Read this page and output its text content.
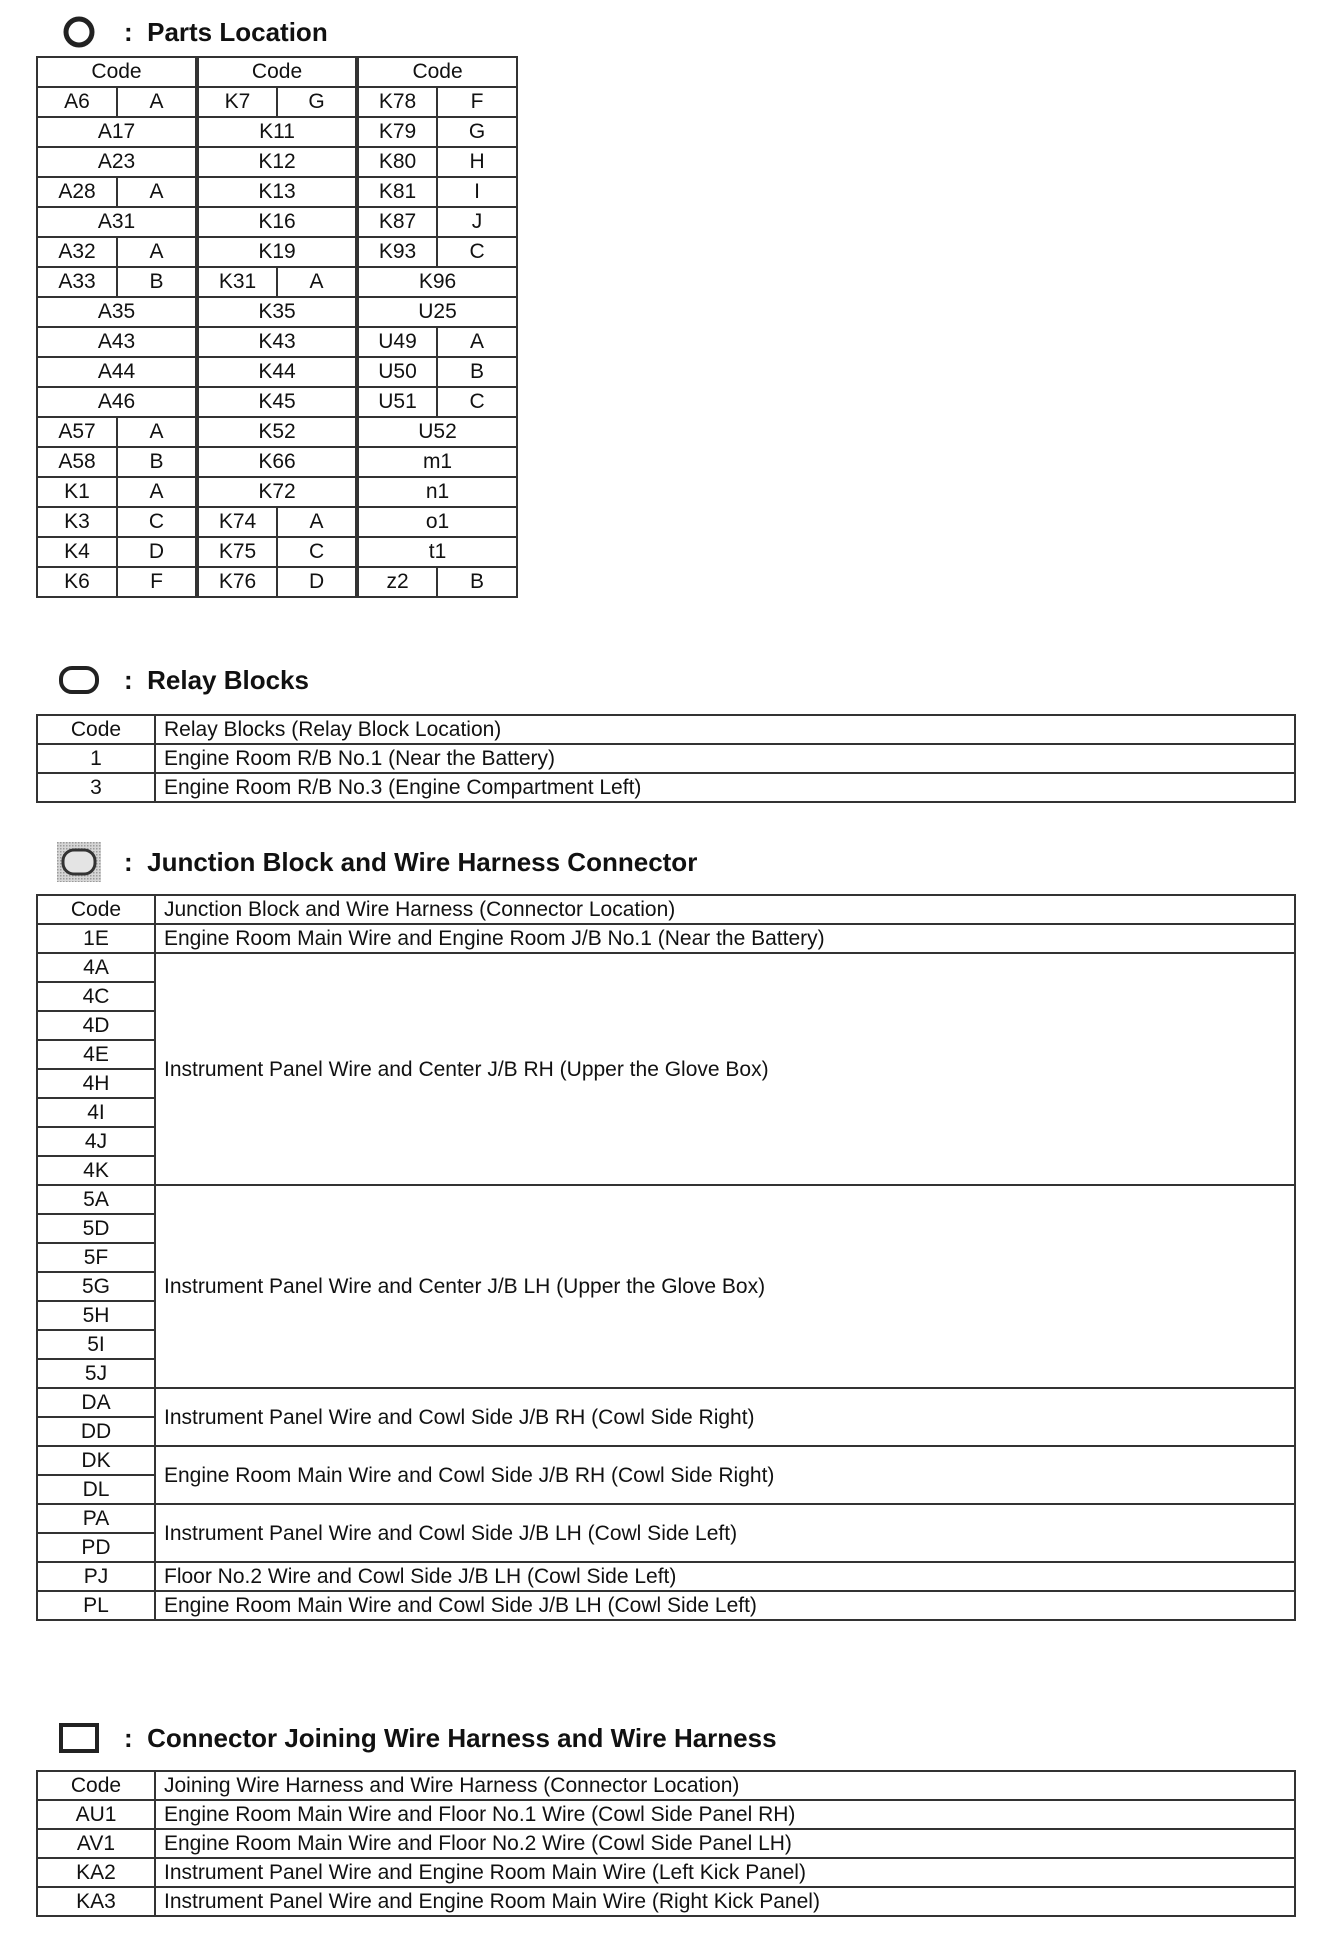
:  Parts Location
Code		Code		Code	
A6	A	K7	G	K78	F
A17		K11		K79	G
A23		K12		K80	H
A28	A	K13		K81	I
A31		K16		K87	J
A32	A	K19		K93	C
A33	B	K31	A	K96	
A35		K35		U25	
A43		K43		U49	A
A44		K44		U50	B
A46		K45		U51	C
A57	A	K52		U52	
A58	B	K66		m1	
K1	A	K72		n1	
K3	C	K74	A	o1	
K4	D	K75	C	t1	
K6	F	K76	D	z2	B
:  Relay Blocks
Code	Relay Blocks (Relay Block Location)
1	Engine Room R/B No.1 (Near the Battery)
3	Engine Room R/B No.3 (Engine Compartment Left)
:  Junction Block and Wire Harness Connector
Code	Junction Block and Wire Harness (Connector Location)
1E	Engine Room Main Wire and Engine Room J/B No.1 (Near the Battery)
4A	Instrument Panel Wire and Center J/B RH (Upper the Glove Box)
4C	
4D	
4E	
4H	
4I	
4J	
4K	
5A	Instrument Panel Wire and Center J/B LH (Upper the Glove Box)
5D	
5F	
5G	
5H	
5I	
5J	
DA	Instrument Panel Wire and Cowl Side J/B RH (Cowl Side Right)
DD	
DK	Engine Room Main Wire and Cowl Side J/B RH (Cowl Side Right)
DL	
PA	Instrument Panel Wire and Cowl Side J/B LH (Cowl Side Left)
PD	
PJ	Floor No.2 Wire and Cowl Side J/B LH (Cowl Side Left)
PL	Engine Room Main Wire and Cowl Side J/B LH (Cowl Side Left)
:  Connector Joining Wire Harness and Wire Harness
Code	Joining Wire Harness and Wire Harness (Connector Location)
AU1	Engine Room Main Wire and Floor No.1 Wire (Cowl Side Panel RH)
AV1	Engine Room Main Wire and Floor No.2 Wire (Cowl Side Panel LH)
KA2	Instrument Panel Wire and Engine Room Main Wire (Left Kick Panel)
KA3	Instrument Panel Wire and Engine Room Main Wire (Right Kick Panel)
